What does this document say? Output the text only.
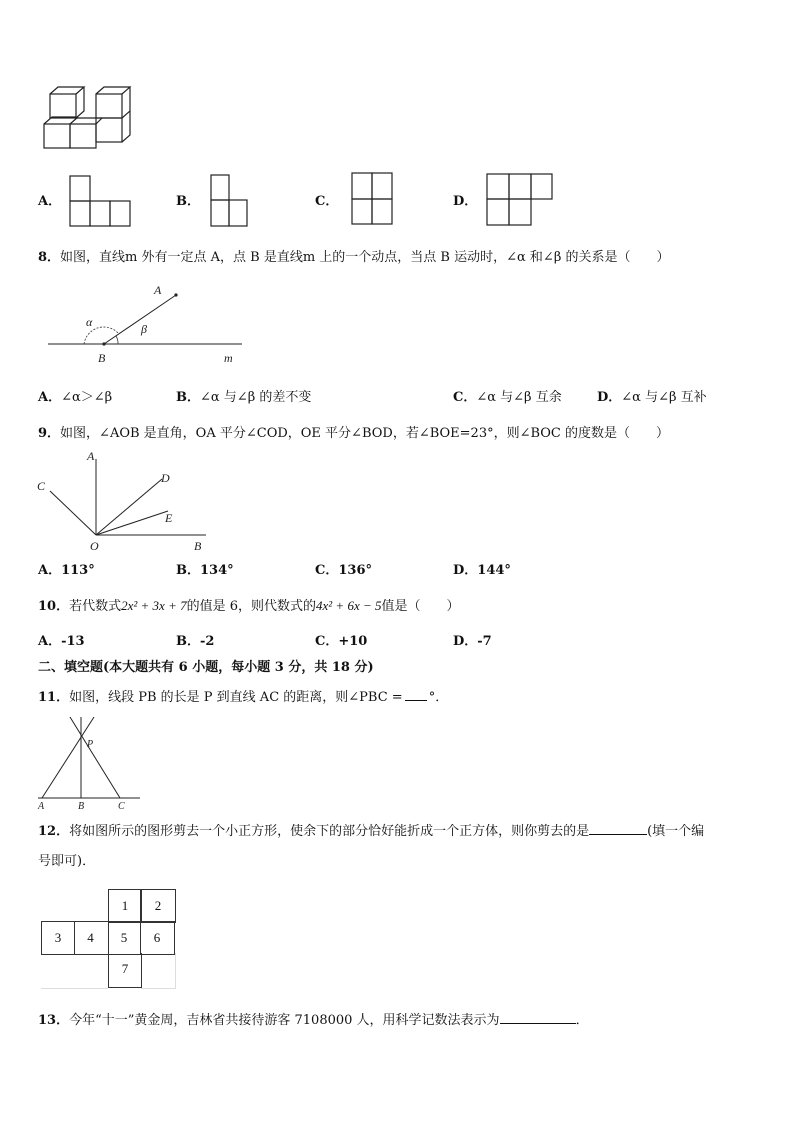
A．	B．	C．	D．
8．如图，直线m 外有一定点 A，点 B 是直线m 上的一个动点，当点 B 运动时，∠α 和∠β 的关系是（　　）
A
α	β
B	m
A．∠α＞∠β	B．∠α 与∠β 的差不变	C．∠α 与∠β 互余	D．∠α 与∠β 互补
9．如图，∠AOB 是直角，OA 平分∠COD，OE 平分∠BOD，若∠BOE=23°，则∠BOC 的度数是（　　）
A
C
D
E
O	B
A．113°	B．134°	C．136°	D．144°
10．若代数式2x² + 3x + 7的值是 6，则代数式的4x² + 6x − 5值是（　　）
A．-13	B．-2	C．+10	D．-7
二、填空题(本大题共有 6 小题，每小题 3 分，共 18 分)
11．如图，线段 PB 的长是 P 到直线 AC 的距离，则∠PBC = °．
P
A	B	C
12．将如图所示的图形剪去一个小正方形，使余下的部分恰好能折成一个正方体，则你剪去的是	(填一个编
号即可)．
1	2
3	4	5	6
7
13．今年“十一”黄金周，吉林省共接待游客 7108000 人，用科学记数法表示为	．
